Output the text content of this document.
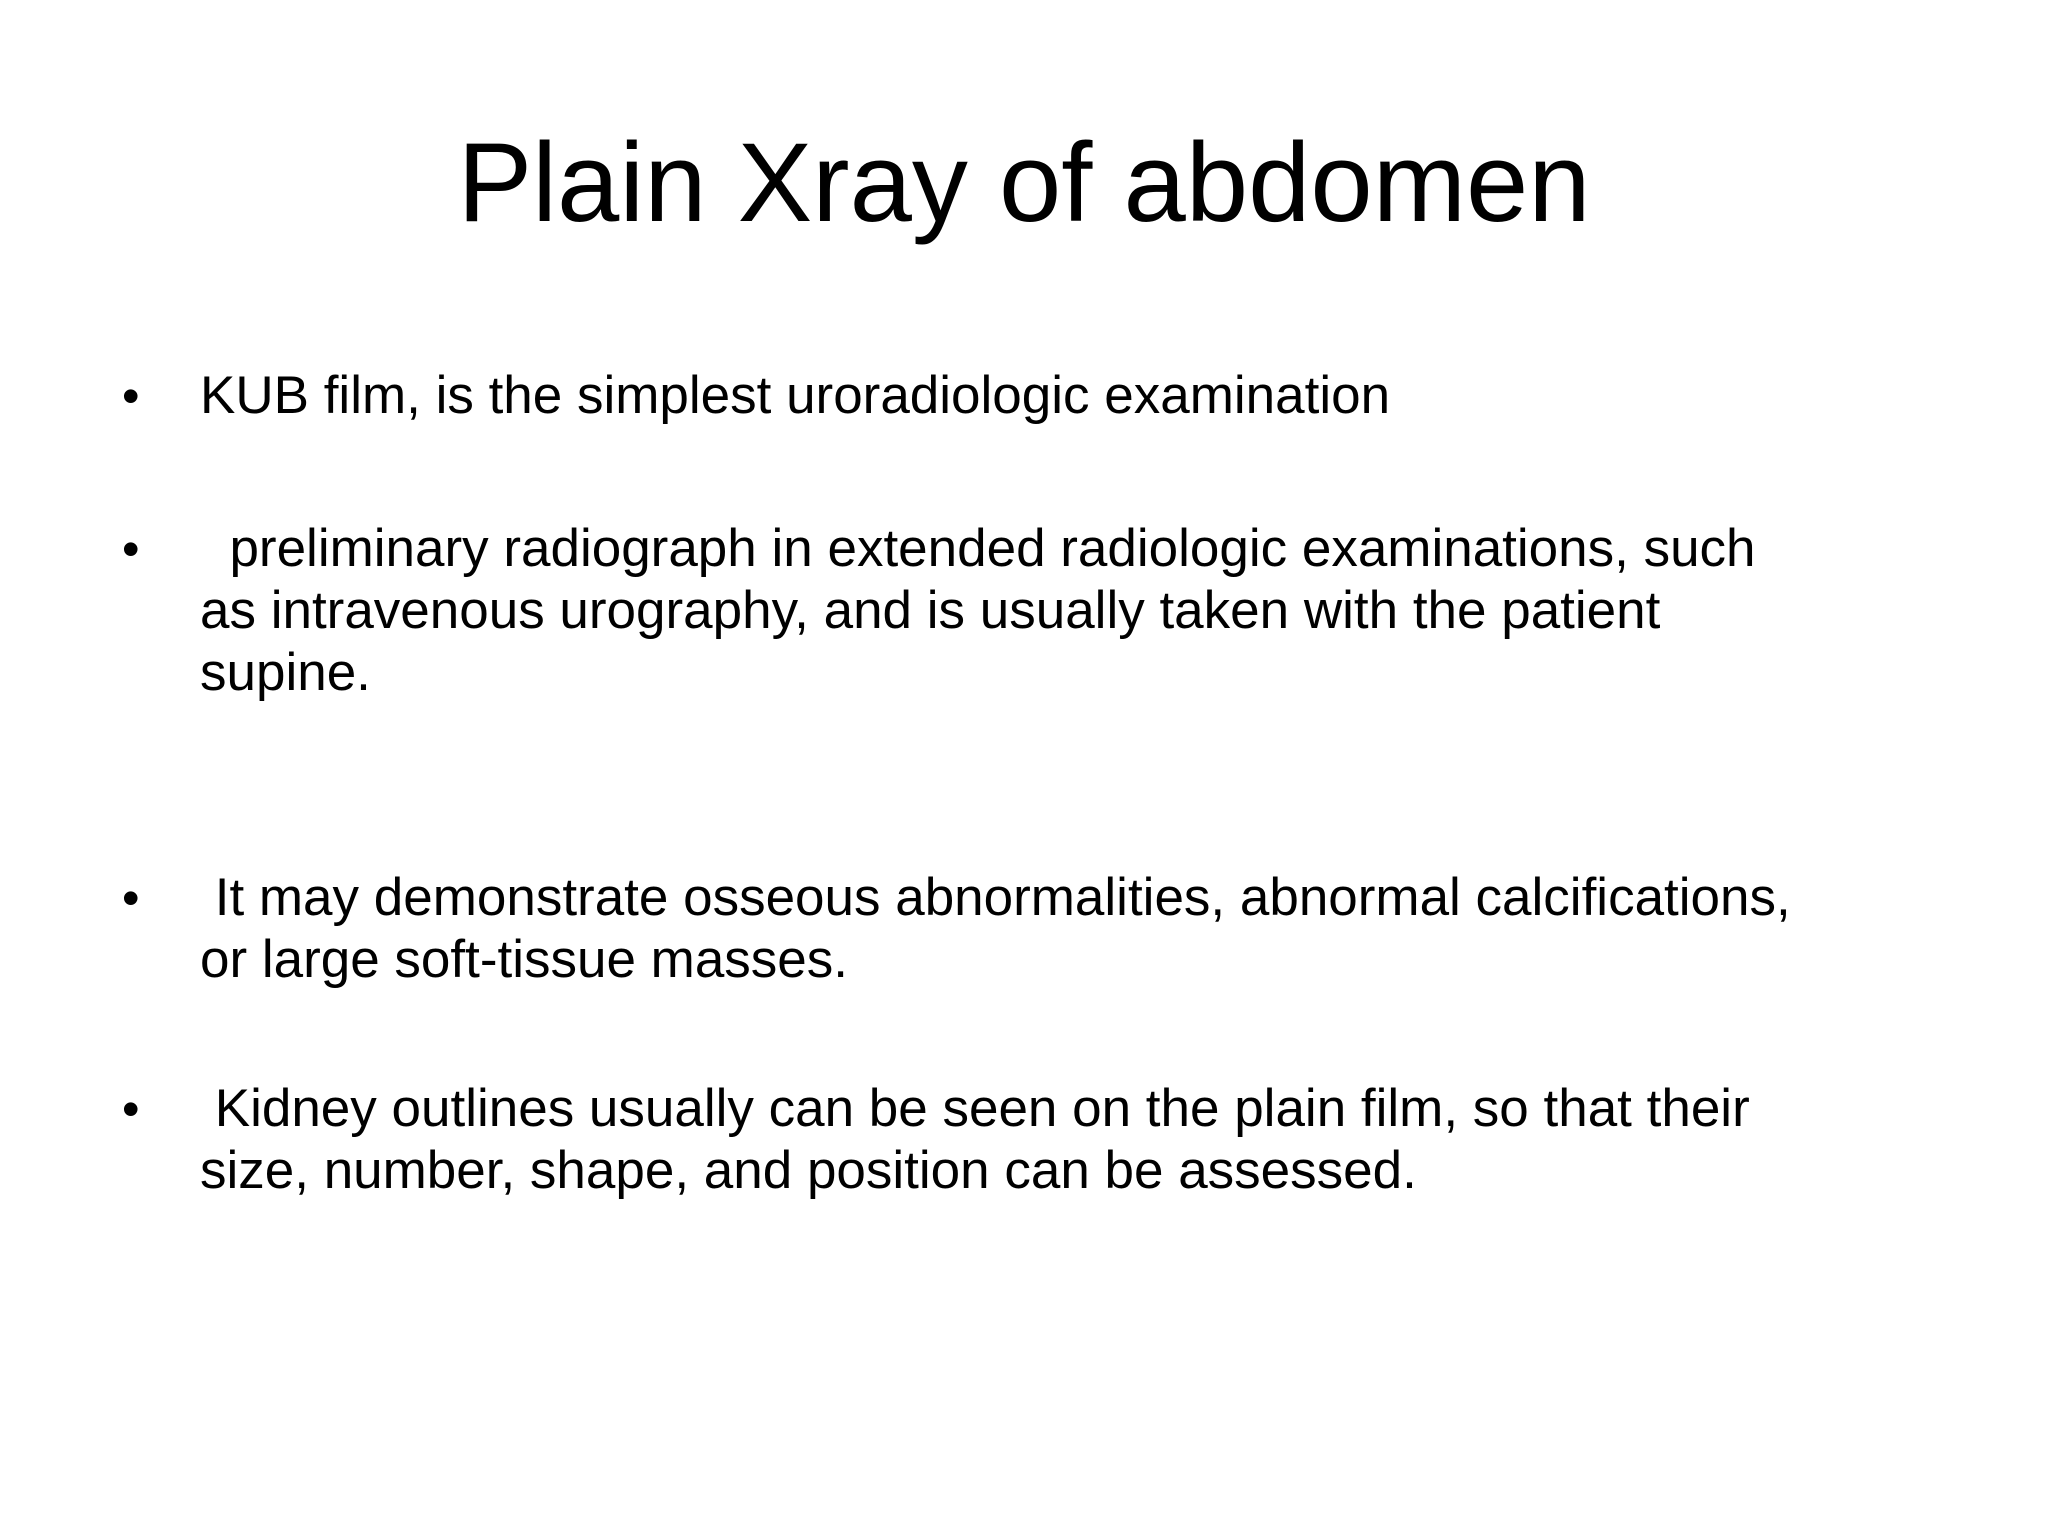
Plain Xray of abdomen
•	KUB film, is the simplest uroradiologic examination
•	preliminary radiograph in extended radiologic examinations, such
as intravenous urography, and is usually taken with the patient
supine.
•	It may demonstrate osseous abnormalities, abnormal calcifications,
or large soft-tissue masses.
•	Kidney outlines usually can be seen on the plain film, so that their
size, number, shape, and position can be assessed.
